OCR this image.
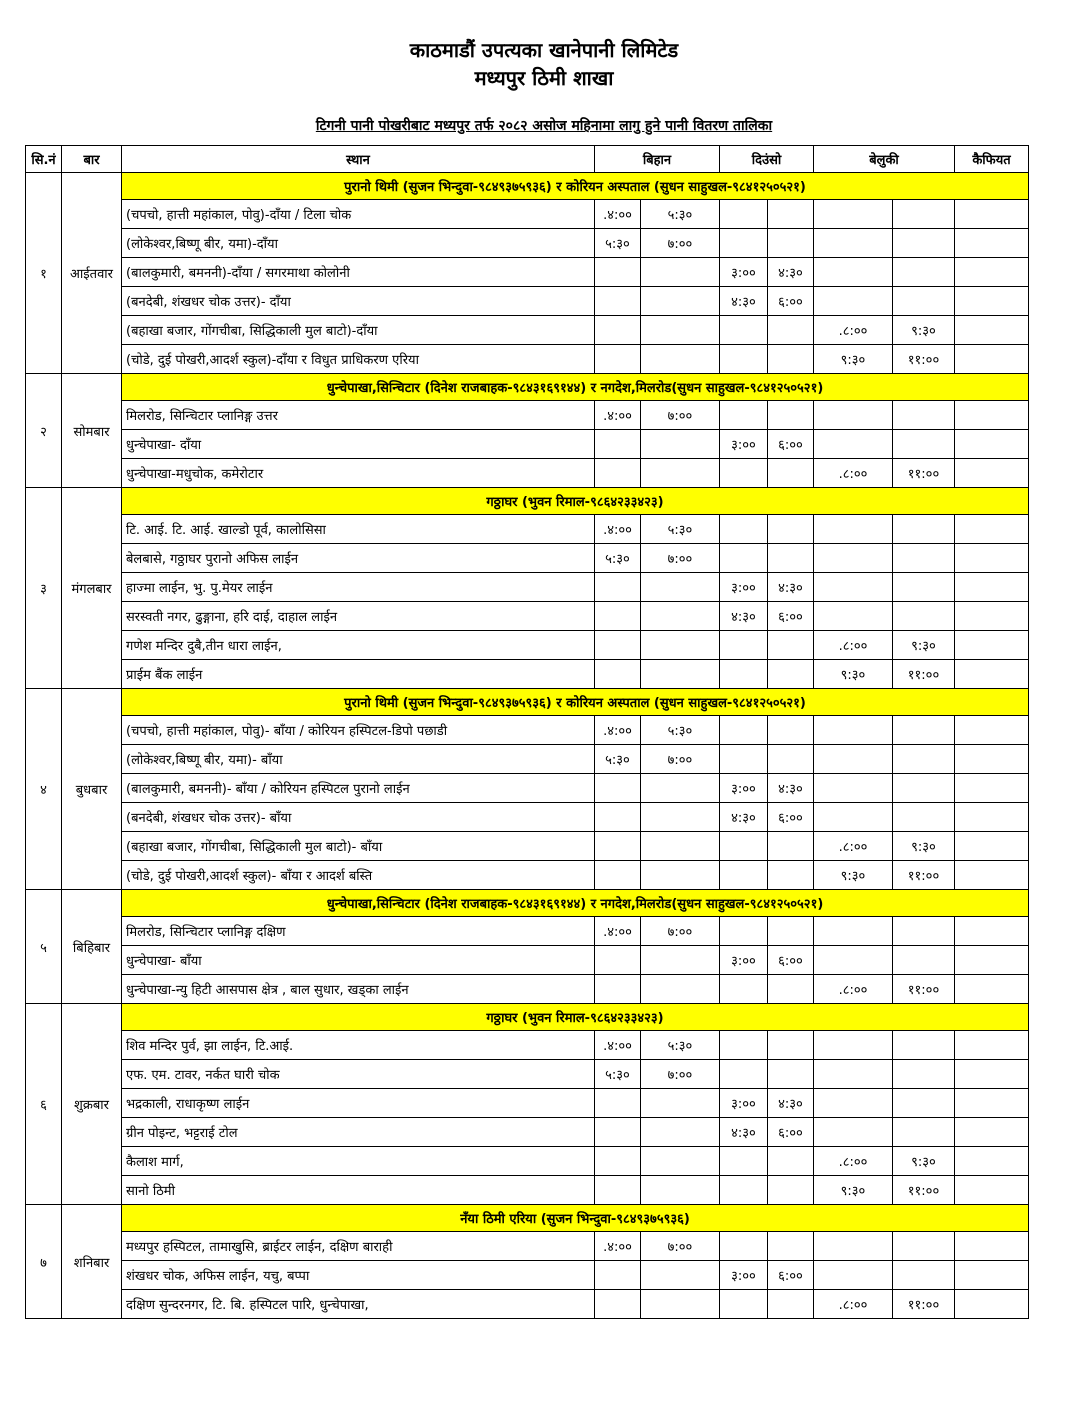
काठमाडौं उपत्यका खानेपानी लिमिटेड
मध्यपुर ठिमी शाखा
टिगनी पानी पोखरीबाट मध्यपुर तर्फ २०८२ असोज महिनामा लागु हुने पानी वितरण तालिका
सि.नं	बार	स्थान	बिहान		दिउंसो		बेलुकी		कैफियत
१	आईतवार	पुरानो थिमी (सुजन भिन्दुवा-९८४९३७५९३६) र कोरियन अस्पताल (सुधन साहुखल-९८४१२५०५२१)							
		(चपचो, हात्ती महांकाल, पोवु)-दाँया / टिला चोक	.४:००	५:३०					
		(लोकेश्वर,बिष्णू बीर, यमा)-दाँया	५:३०	७:००					
		(बालकुमारी, बमननी)-दाँया / सगरमाथा कोलोनी			३:००	४:३०			
		(बनदेबी, शंखधर चोक उत्तर)- दाँया			४:३०	६:००			
		(बहाखा बजार, गोंगचीबा, सिद्धिकाली मुल बाटो)-दाँया					.८:००	९:३०	
		(चोडे, दुई पोखरी,आदर्श स्कुल)-दाँया र विधुत प्राधिकरण एरिया					९:३०	११:००	
२	सोमबार	धुन्चेपाखा,सिन्चिटार (दिनेश राजबाहक-९८४३१६९१४४) र नगदेश,मिलरोड(सुधन साहुखल-९८४१२५०५२१)							
		मिलरोड, सिन्चिटार प्लानिङ्ग उत्तर	.४:००	७:००					
		धुन्चेपाखा- दाँया			३:००	६:००			
		धुन्चेपाखा-मधुचोक, कमेरोटार					.८:००	११:००	
३	मंगलबार	गठ्ठाघर (भुवन रिमाल-९८६४२३३४२३)							
		टि. आई. टि. आई. खाल्डो पूर्व, कालोसिसा	.४:००	५:३०					
		बेलबासे, गठ्ठाघर पुरानो अफिस लाईन	५:३०	७:००					
		हाज्मा लाईन, भु. पु.मेयर लाईन			३:००	४:३०			
		सरस्वती नगर, ढुङ्गाना, हरि दाई, दाहाल लाईन			४:३०	६:००			
		गणेश मन्दिर दुबै,तीन धारा लाईन,					.८:००	९:३०	
		प्राईम बैंक लाईन					९:३०	११:००	
४	बुधबार	पुरानो थिमी (सुजन भिन्दुवा-९८४९३७५९३६) र कोरियन अस्पताल (सुधन साहुखल-९८४१२५०५२१)							
		(चपचो, हात्ती महांकाल, पोवु)- बाँया / कोरियन हस्पिटल-डिपो पछाडी	.४:००	५:३०					
		(लोकेश्वर,बिष्णू बीर, यमा)- बाँया	५:३०	७:००					
		(बालकुमारी, बमननी)- बाँया / कोरियन हस्पिटल पुरानो लाईन			३:००	४:३०			
		(बनदेबी, शंखधर चोक उत्तर)- बाँया			४:३०	६:००			
		(बहाखा बजार, गोंगचीबा, सिद्धिकाली मुल बाटो)- बाँया					.८:००	९:३०	
		(चोडे, दुई पोखरी,आदर्श स्कुल)- बाँया र आदर्श बस्ति					९:३०	११:००	
५	बिहिबार	धुन्चेपाखा,सिन्चिटार (दिनेश राजबाहक-९८४३१६९१४४) र नगदेश,मिलरोड(सुधन साहुखल-९८४१२५०५२१)							
		मिलरोड, सिन्चिटार प्लानिङ्ग दक्षिण	.४:००	७:००					
		धुन्चेपाखा- बाँया			३:००	६:००			
		धुन्चेपाखा-न्यु हिटी आसपास क्षेत्र , बाल सुधार, खड्का लाईन					.८:००	११:००	
६	शुक्रबार	गठ्ठाघर (भुवन रिमाल-९८६४२३३४२३)							
		शिव मन्दिर पुर्व, झा लाईन, टि.आई.	.४:००	५:३०					
		एफ. एम. टावर, नर्कत घारी चोक	५:३०	७:००					
		भद्रकाली, राधाकृष्ण लाईन			३:००	४:३०			
		ग्रीन पोइन्ट, भट्टराई टोल			४:३०	६:००			
		कैलाश मार्ग,					.८:००	९:३०	
		सानो ठिमी					९:३०	११:००	
७	शनिबार	नँया ठिमी एरिया (सुजन भिन्दुवा-९८४९३७५९३६)							
		मध्यपुर हस्पिटल, तामाखुसि, ब्राईटर लाईन, दक्षिण बाराही	.४:००	७:००					
		शंखधर चोक, अफिस लाईन, यचु, बप्पा			३:००	६:००			
		दक्षिण सुन्दरनगर, टि. बि. हस्पिटल पारि, धुन्चेपाखा,					.८:००	११:००	
